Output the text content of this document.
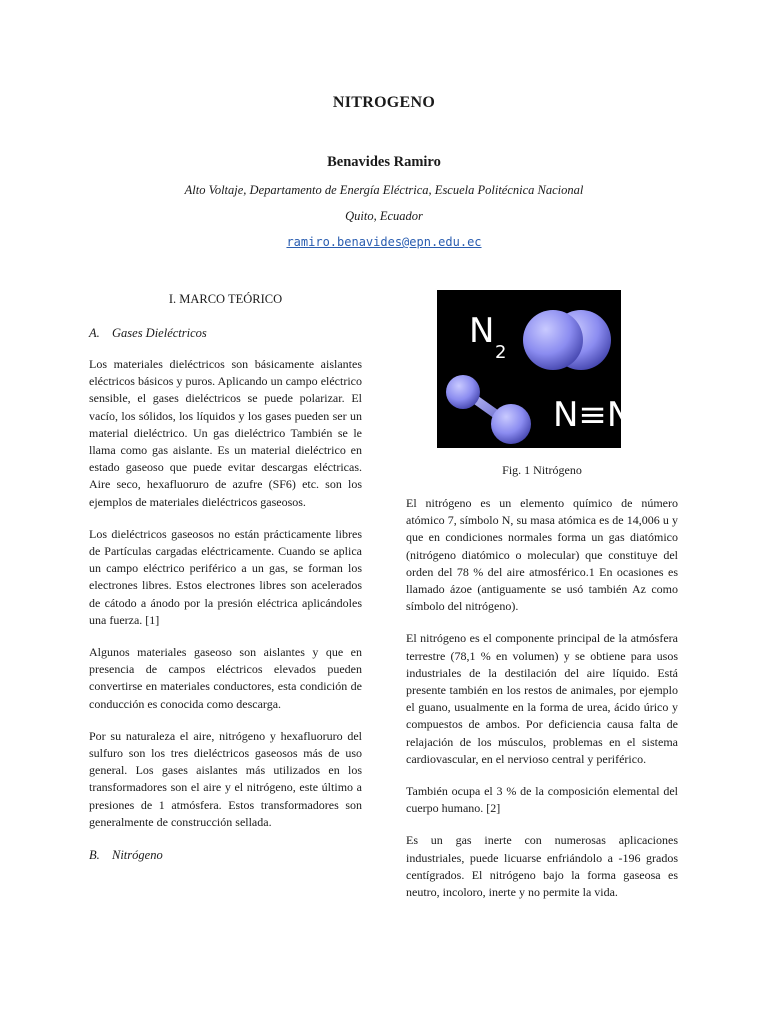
NITROGENO
Benavides Ramiro
Alto Voltaje, Departamento de Energía Eléctrica, Escuela Politécnica Nacional
Quito, Ecuador
ramiro.benavides@epn.edu.ec
I. MARCO TEÓRICO
A. Gases Dieléctricos

Los materiales dieléctricos son básicamente aislantes eléctricos básicos y puros. Aplicando un campo eléctrico sensible, el gases dieléctricos se puede polarizar. El vacío, los sólidos, los líquidos y los gases pueden ser un material dieléctrico. Un gas dieléctrico También se le llama como gas aislante. Es un material dieléctrico en estado gaseoso que puede evitar descargas eléctricas. Aire seco, hexafluoruro de azufre (SF6) etc. son los ejemplos de materiales dieléctricos gaseosos.

Los dieléctricos gaseosos no están prácticamente libres de Partículas cargadas eléctricamente. Cuando se aplica un campo eléctrico periférico a un gas, se forman los electrones libres. Estos electrones libres son acelerados de cátodo a ánodo por la presión eléctrica aplicándoles una fuerza. [1]

Algunos materiales gaseoso son aislantes y que en presencia de campos eléctricos elevados pueden convertirse en materiales conductores, esta condición de conducción es conocida como descarga.

Por su naturaleza el aire, nitrógeno y hexafluoruro del sulfuro son los tres dieléctricos gaseosos más de uso general. Los gases aislantes más utilizados en los transformadores son el aire y el nitrógeno, este último a presiones de 1 atmósfera. Estos transformadores son generalmente de construcción sellada.

B. Nitrógeno
N
2
N≡N
Fig. 1 Nitrógeno

El nitrógeno es un elemento químico de número atómico 7, símbolo N, su masa atómica es de 14,006 u y que en condiciones normales forma un gas diatómico (nitrógeno diatómico o molecular) que constituye del orden del 78 % del aire atmosférico.1 En ocasiones es llamado ázoe (antiguamente se usó también Az como símbolo del nitrógeno).

El nitrógeno es el componente principal de la atmósfera terrestre (78,1 % en volumen) y se obtiene para usos industriales de la destilación del aire líquido. Está presente también en los restos de animales, por ejemplo el guano, usualmente en la forma de urea, ácido úrico y compuestos de ambos. Por deficiencia causa falta de relajación de los músculos, problemas en el sistema cardiovascular, en el nervioso central y periférico.

También ocupa el 3 % de la composición elemental del cuerpo humano. [2]

Es un gas inerte con numerosas aplicaciones industriales, puede licuarse enfriándolo a -196 grados centígrados. El nitrógeno bajo la forma gaseosa es neutro, incoloro, inerte y no permite la vida.
